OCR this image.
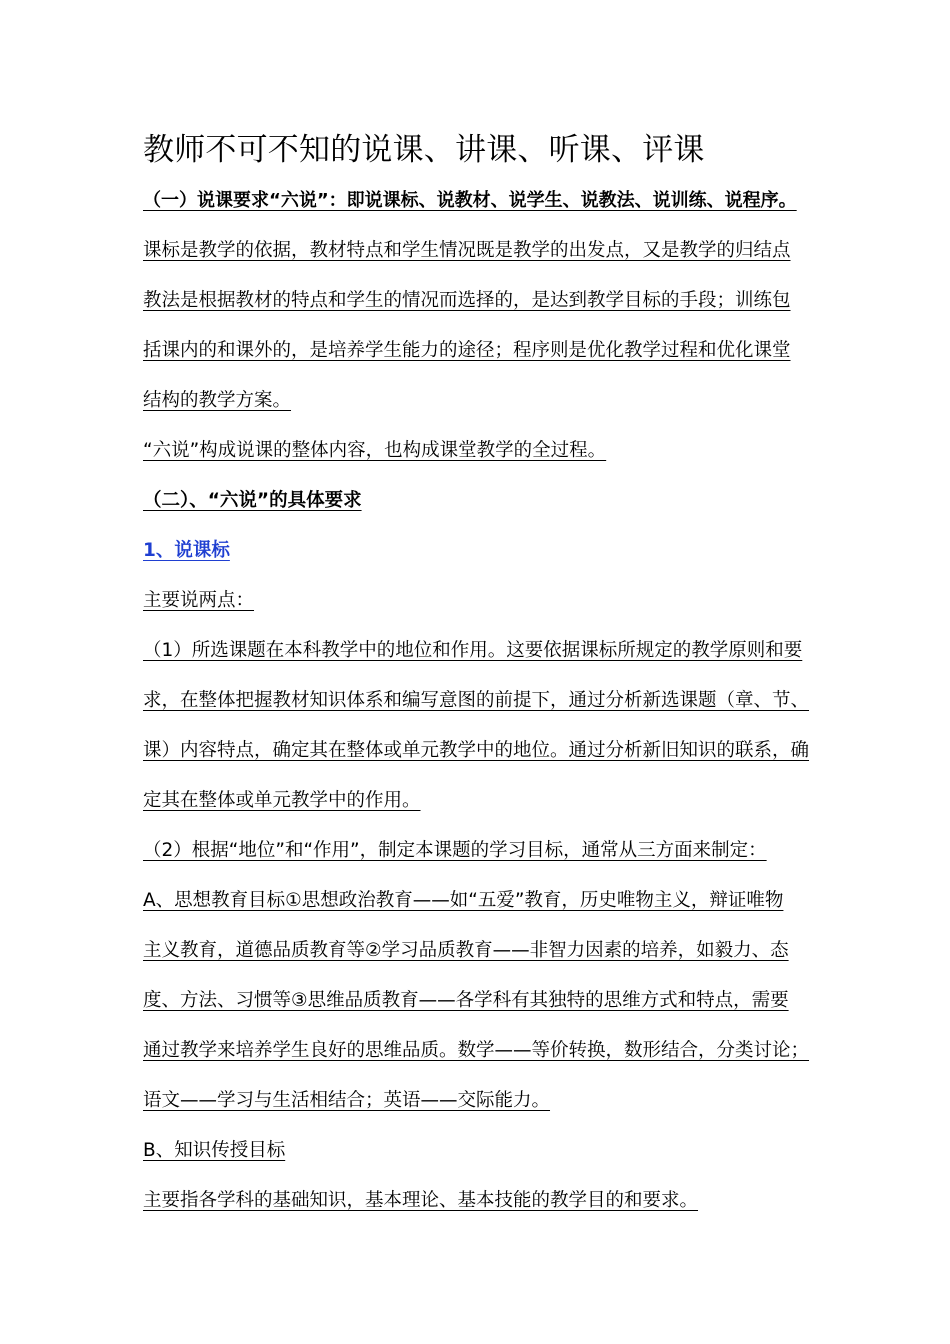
教师不可不知的说课、讲课、听课、评课
（一）说课要求“六说”：即说课标、说教材、说学生、说教法、说训练、说程序。
课标是教学的依据，教材特点和学生情况既是教学的出发点，又是教学的归结点
教法是根据教材的特点和学生的情况而选择的，是达到教学目标的手段；训练包
括课内的和课外的，是培养学生能力的途径；程序则是优化教学过程和优化课堂
结构的教学方案。
“六说”构成说课的整体内容，也构成课堂教学的全过程。
（二）、“六说”的具体要求
1、说课标
主要说两点：
（1）所选课题在本科教学中的地位和作用。这要依据课标所规定的教学原则和要
求，在整体把握教材知识体系和编写意图的前提下，通过分析新选课题（章、节、
课）内容特点，确定其在整体或单元教学中的地位。通过分析新旧知识的联系，确
定其在整体或单元教学中的作用。
（2）根据“地位”和“作用”，制定本课题的学习目标，通常从三方面来制定：
A、思想教育目标①思想政治教育——如“五爱”教育，历史唯物主义，辩证唯物
主义教育，道德品质教育等②学习品质教育——非智力因素的培养，如毅力、态
度、方法、习惯等③思维品质教育——各学科有其独特的思维方式和特点，需要
通过教学来培养学生良好的思维品质。数学——等价转换，数形结合，分类讨论；
语文——学习与生活相结合；英语——交际能力。
B、知识传授目标
主要指各学科的基础知识，基本理论、基本技能的教学目的和要求。
